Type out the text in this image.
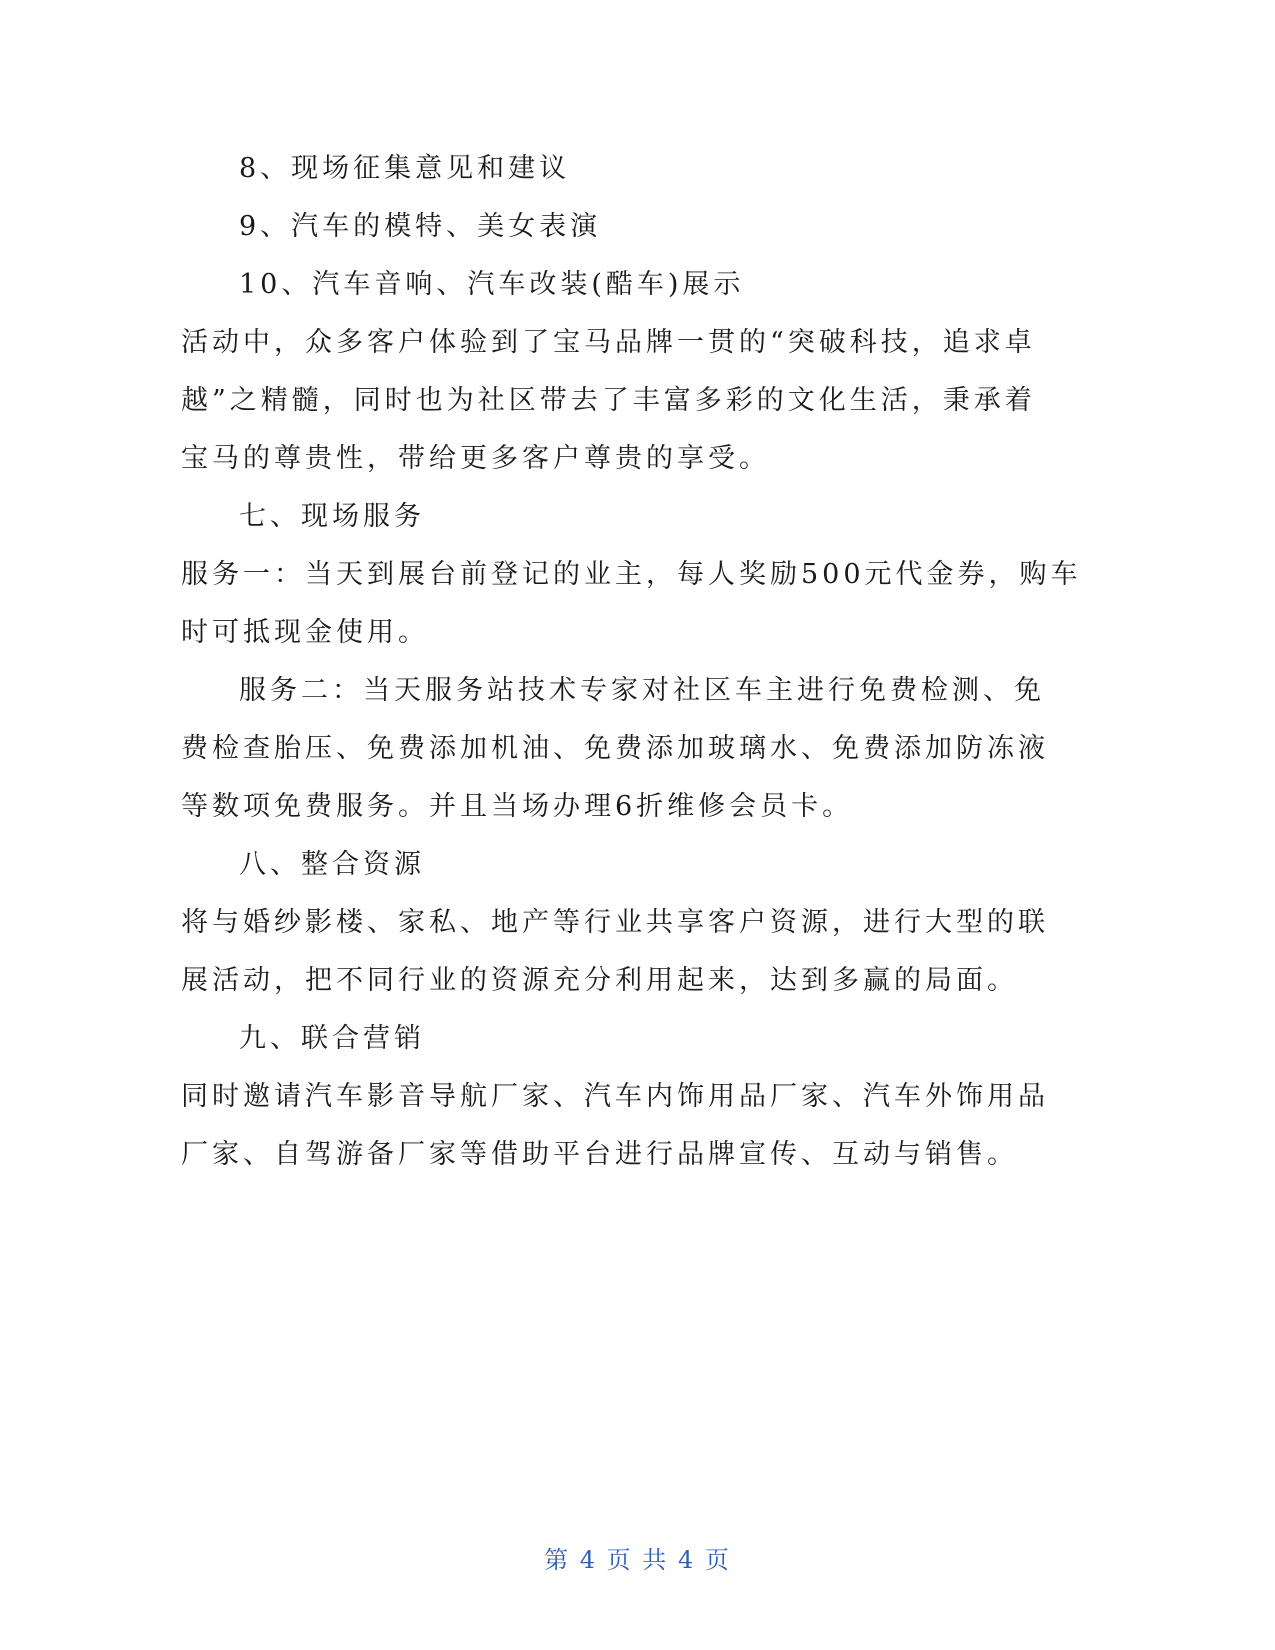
8、现场征集意见和建议
9、汽车的模特、美女表演
10、汽车音响、汽车改装(酷车)展示
活动中，众多客户体验到了宝马品牌一贯的“突破科技，追求卓
越”之精髓，同时也为社区带去了丰富多彩的文化生活，秉承着
宝马的尊贵性，带给更多客户尊贵的享受。
七、现场服务
服务一：当天到展台前登记的业主，每人奖励500元代金券，购车
时可抵现金使用。
服务二：当天服务站技术专家对社区车主进行免费检测、免
费检查胎压、免费添加机油、免费添加玻璃水、免费添加防冻液
等数项免费服务。并且当场办理6折维修会员卡。
八、整合资源
将与婚纱影楼、家私、地产等行业共享客户资源，进行大型的联
展活动，把不同行业的资源充分利用起来，达到多赢的局面。
九、联合营销
同时邀请汽车影音导航厂家、汽车内饰用品厂家、汽车外饰用品
厂家、自驾游备厂家等借助平台进行品牌宣传、互动与销售。
第 4 页 共 4 页
